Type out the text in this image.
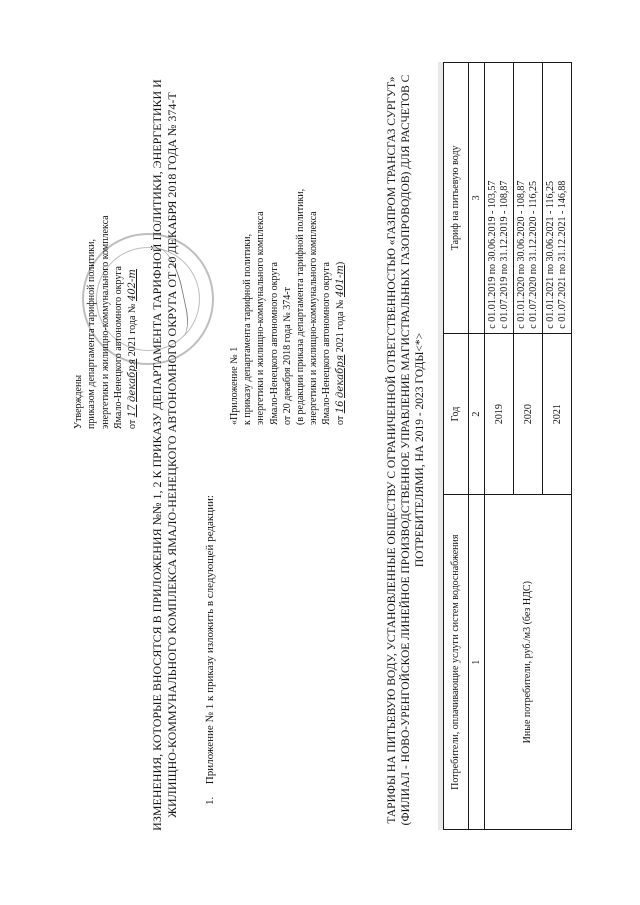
Утверждены приказом департамента тарифной политики, энергетики и жилищно-коммунального комплекса Ямало-Ненецкого автономного округа от 17 декабря 2021 года № 402-т ИЗМЕНЕНИЯ, КОТОРЫЕ ВНОСЯТСЯ В ПРИЛОЖЕНИЯ №№ 1, 2 К ПРИКАЗУ ДЕПАРТАМЕНТА ТАРИФНОЙ ПОЛИТИКИ, ЭНЕРГЕТИКИ И ЖИЛИЩНО-КОММУНАЛЬНОГО КОМПЛЕКСА ЯМАЛО-НЕНЕЦКОГО АВТОНОМНОГО ОКРУГА ОТ 20 ДЕКАБРЯ 2018 ГОДА № 374-Т 1. Приложение № 1 к приказу изложить в следующей редакции:

«Приложение № 1 к приказу департамента тарифной политики, энергетики и жилищно-коммунального комплекса Ямало-Ненецкого автономного округа от 20 декабря 2018 года № 374-т (в редакции приказа департамента тарифной политики, энергетики и жилищно-коммунального комплекса Ямало-Ненецкого автономного округа от 16 декабря 2021 года № 401-т)	ТАРИФЫ НА ПИТЬЕВУЮ ВОДУ, УСТАНОВЛЕННЫЕ ОБЩЕСТВУ С ОГРАНИЧЕННОЙ ОТВЕТСТВЕННОСТЬЮ «ГАЗПРОМ ТРАНСГАЗ СУРГУТ» (ФИЛИАЛ - НОВО-УРЕНГОЙСКОЕ ЛИНЕЙНОЕ ПРОИЗВОДСТВЕННОЕ УПРАВЛЕНИЕ МАГИСТРАЛЬНЫХ ГАЗОПРОВОДОВ) ДЛЯ РАСЧЕТОВ С ПОТРЕБИТЕЛЯМИ, НА 2019 - 2023 ГОДЫ<*>

Потребители, оплачивающие услуги систем водоснабжения	Год	Тариф на питьевую воду
1	2	3
Иные потребители, руб./м3 (без НДС)	2019	с 01.01.2019 по 30.06.2019 - 103,57 с 01.07.2019 по 31.12.2019 - 108,87

	2020	с 01.01.2020 по 30.06.2020 - 108,87 с 01.07.2020 по 31.12.2020 - 116,25

	2021	с 01.01.2021 по 30.06.2021 - 116,25 с 01.07.2021 по 31.12.2021 - 146,88
